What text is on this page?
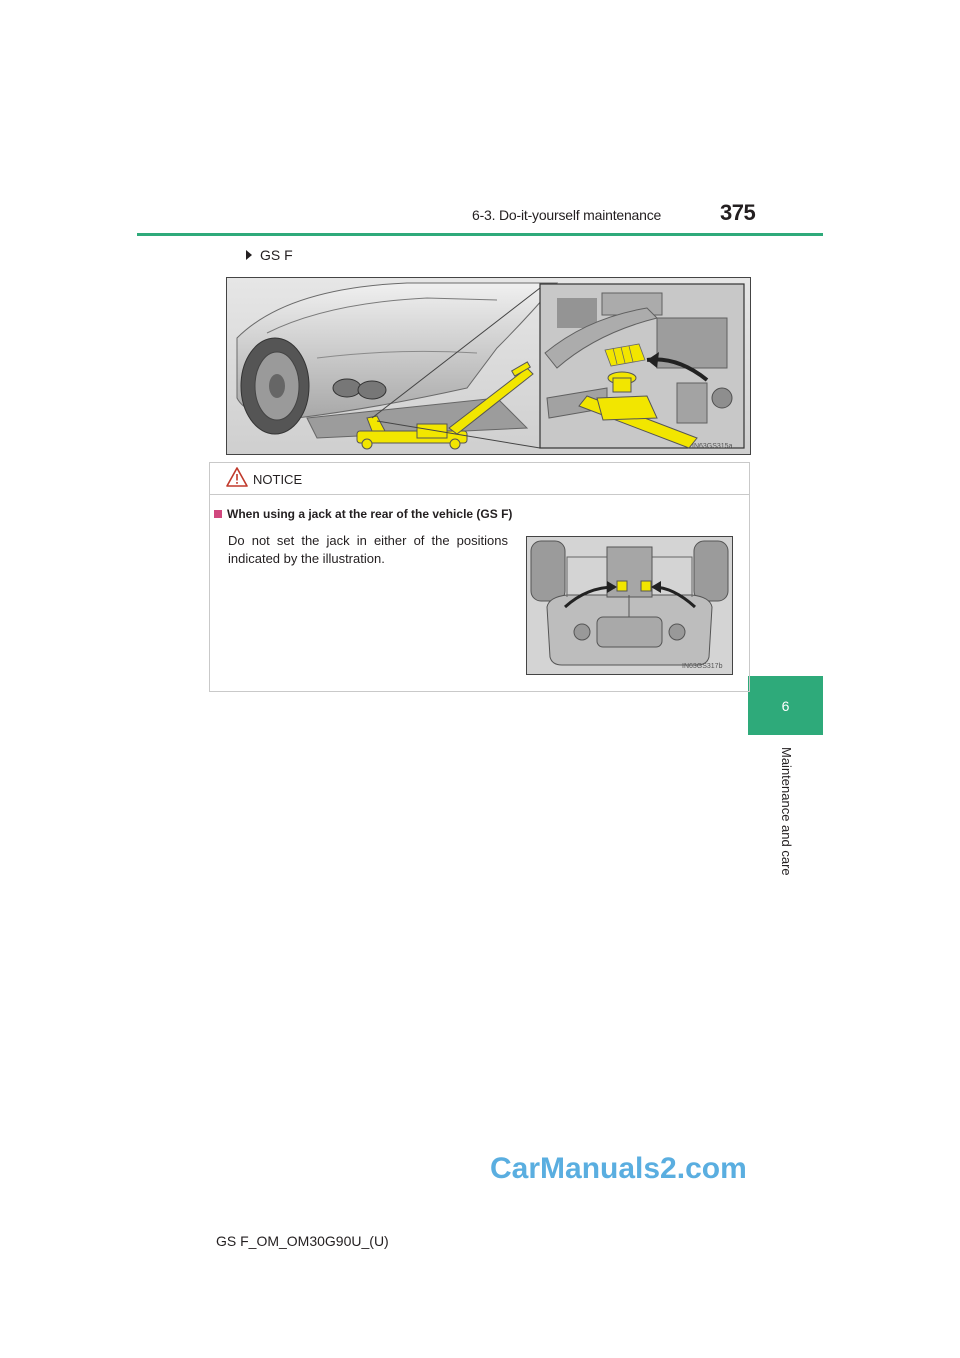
6-3. Do-it-yourself maintenance	375
6
Maintenance and care
GS F
IN63GS315a
NOTICE
When using a jack at the rear of the vehicle (GS F)
Do not set the jack in either of the positions indicated by the illustration.
IN63GS317b
CarManuals2.com
GS F_OM_OM30G90U_(U)
